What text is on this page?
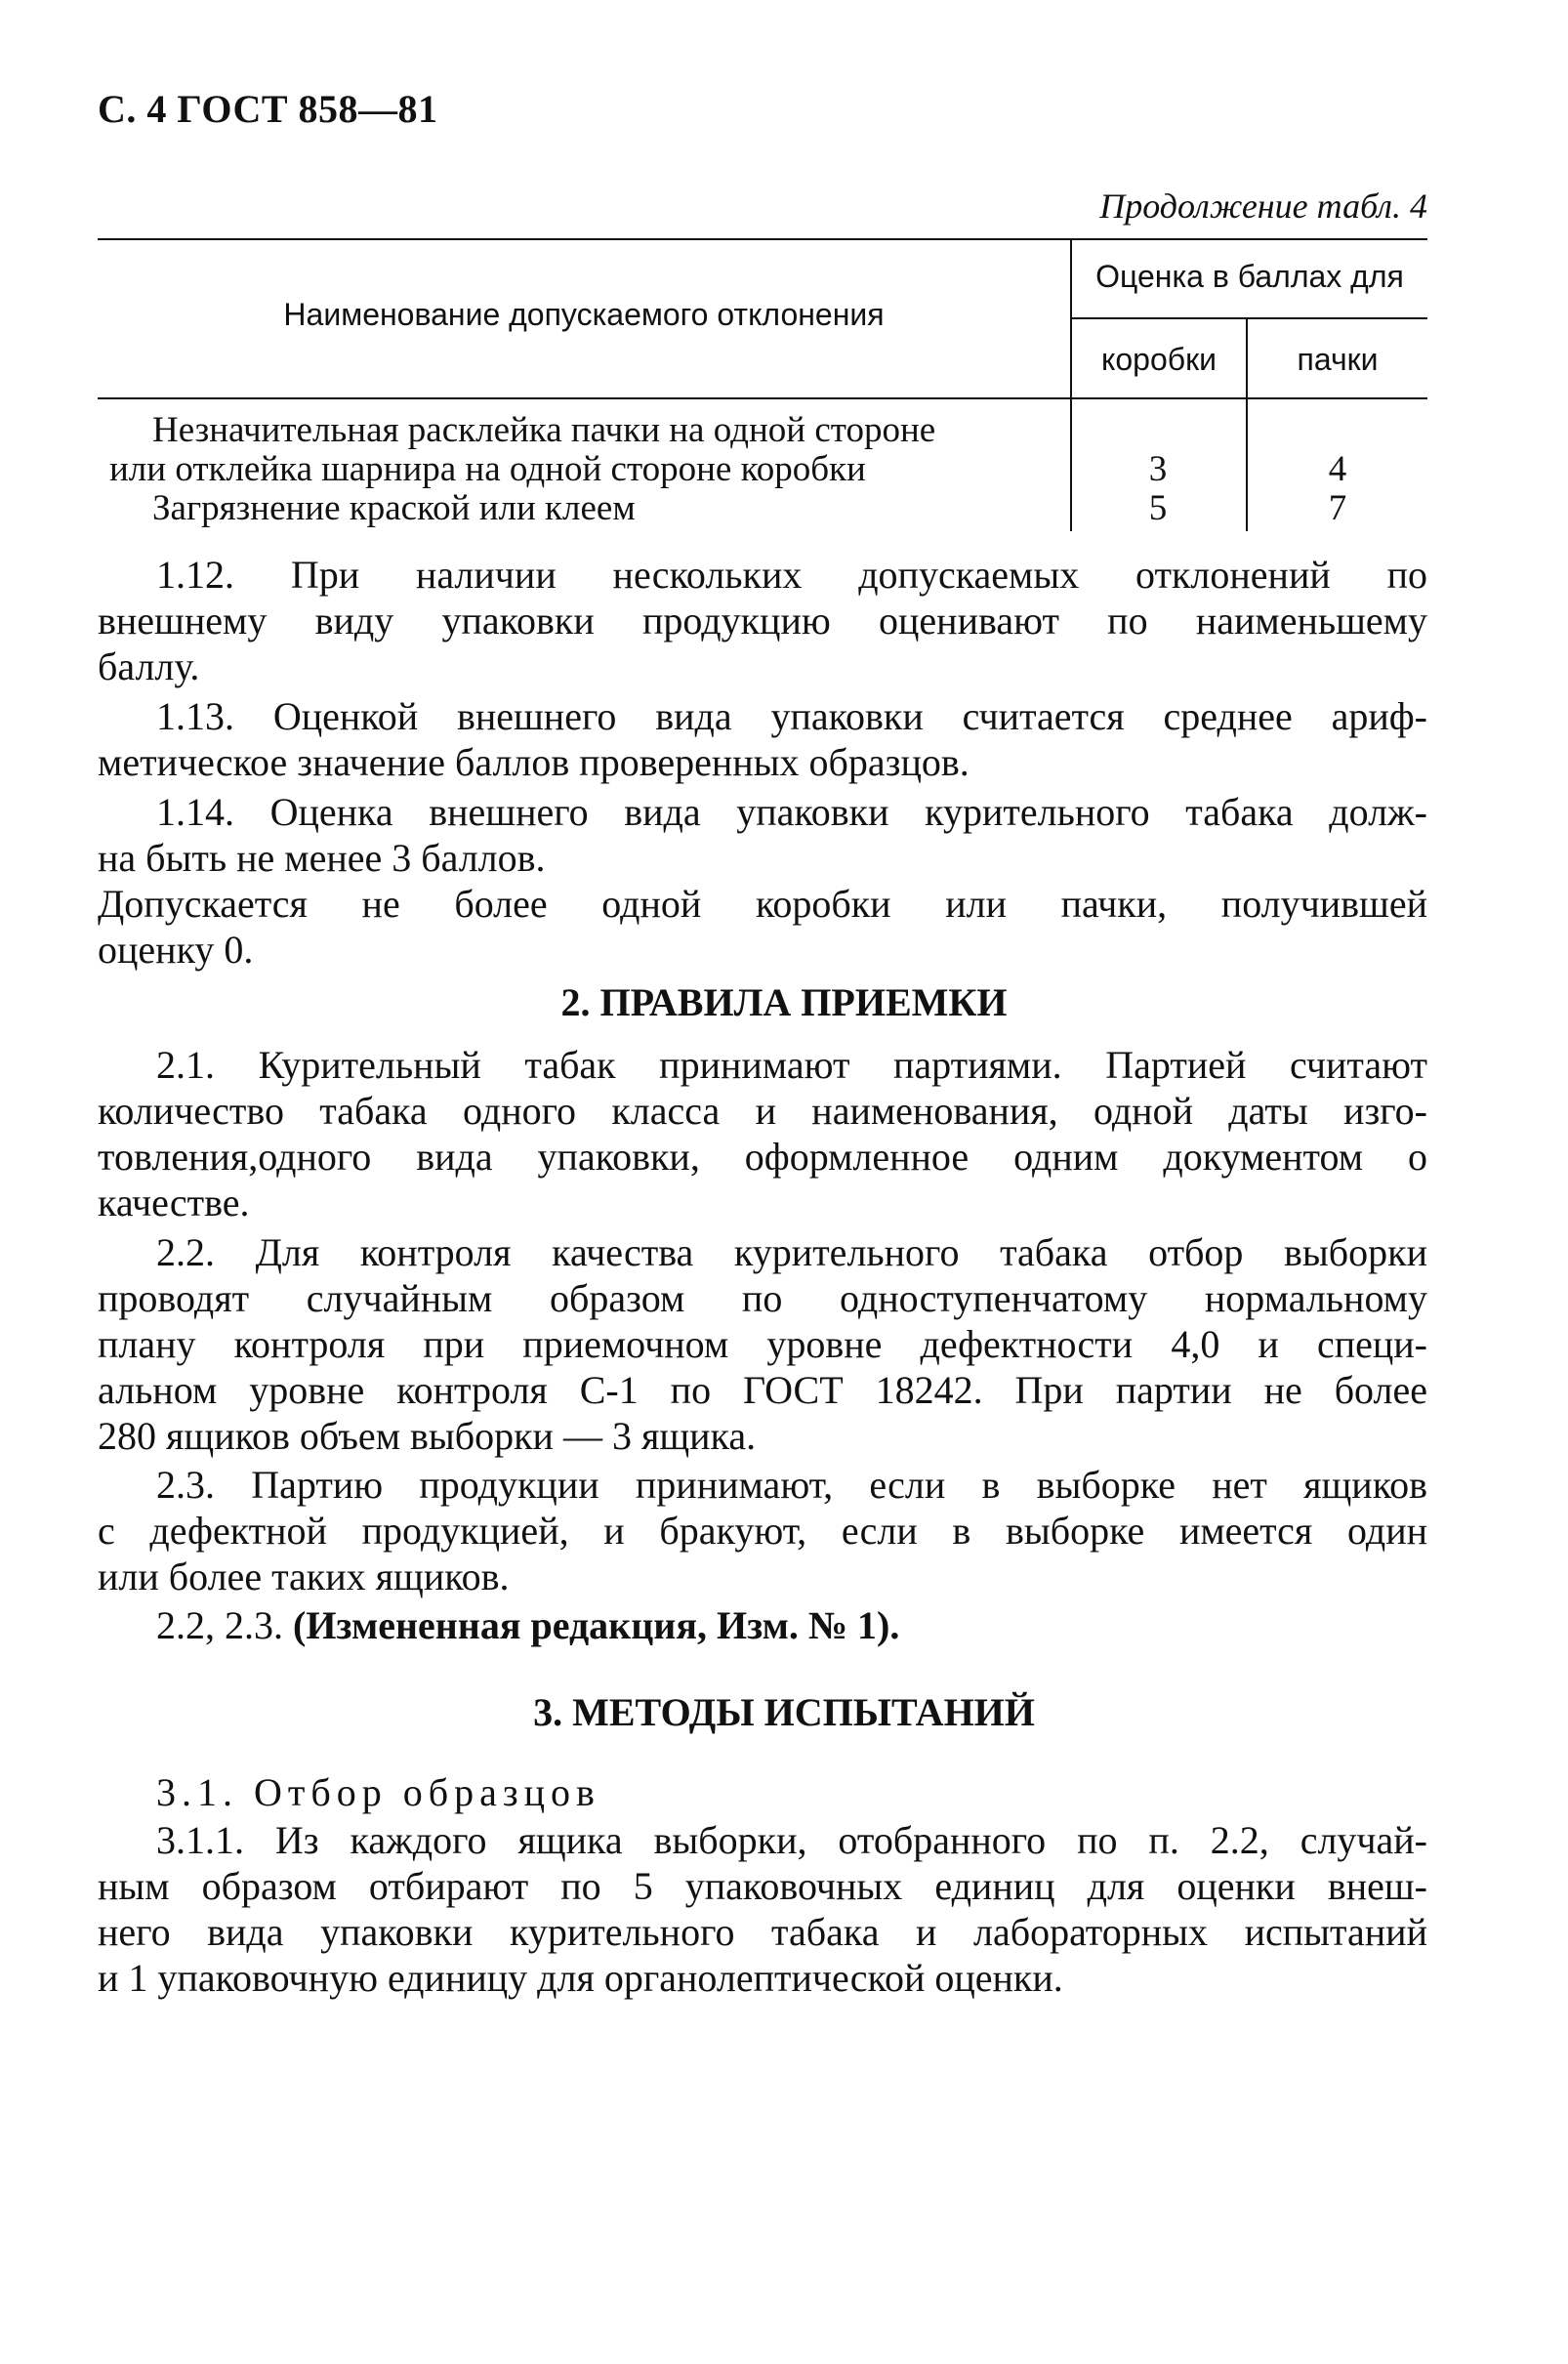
С. 4 ГОСТ 858—81
Продолжение табл. 4
Наименование допускаемого отклонения
Оценка в баллах для
коробки	пачки
Незначительная расклейка пачки на одной стороне
или отклейка шарнира на одной стороне коробки	3	4
Загрязнение краской или клеем	5	7
1.12. При наличии нескольких допускаемых отклонений по
внешнему виду упаковки продукцию оценивают по наименьшему
баллу.
1.13. Оценкой внешнего вида упаковки считается среднее ариф-
метическое значение баллов проверенных образцов.
1.14. Оценка внешнего вида упаковки курительного табака долж-
на быть не менее 3 баллов.
Допускается не более одной коробки или пачки, получившей
оценку 0.
2. ПРАВИЛА ПРИЕМКИ
2.1. Курительный табак принимают партиями. Партией считают
количество табака одного класса и наименования, одной даты изго-
товления,одного вида упаковки, оформленное одним документом о
качестве.
2.2. Для контроля качества курительного табака отбор выборки
проводят случайным образом по одноступенчатому нормальному
плану контроля при приемочном уровне дефектности 4,0 и специ-
альном уровне контроля С-1 по ГОСТ 18242. При партии не более
280 ящиков объем выборки — 3 ящика.
2.3. Партию продукции принимают, если в выборке нет ящиков
с дефектной продукцией, и бракуют, если в выборке имеется один
или более таких ящиков.
2.2, 2.3. (Измененная редакция, Изм. № 1).
3. МЕТОДЫ ИСПЫТАНИЙ
3.1. Отбор образцов
3.1.1. Из каждого ящика выборки, отобранного по п. 2.2, случай-
ным образом отбирают по 5 упаковочных единиц для оценки внеш-
него вида упаковки курительного табака и лабораторных испытаний
и 1 упаковочную единицу для органолептической оценки.
